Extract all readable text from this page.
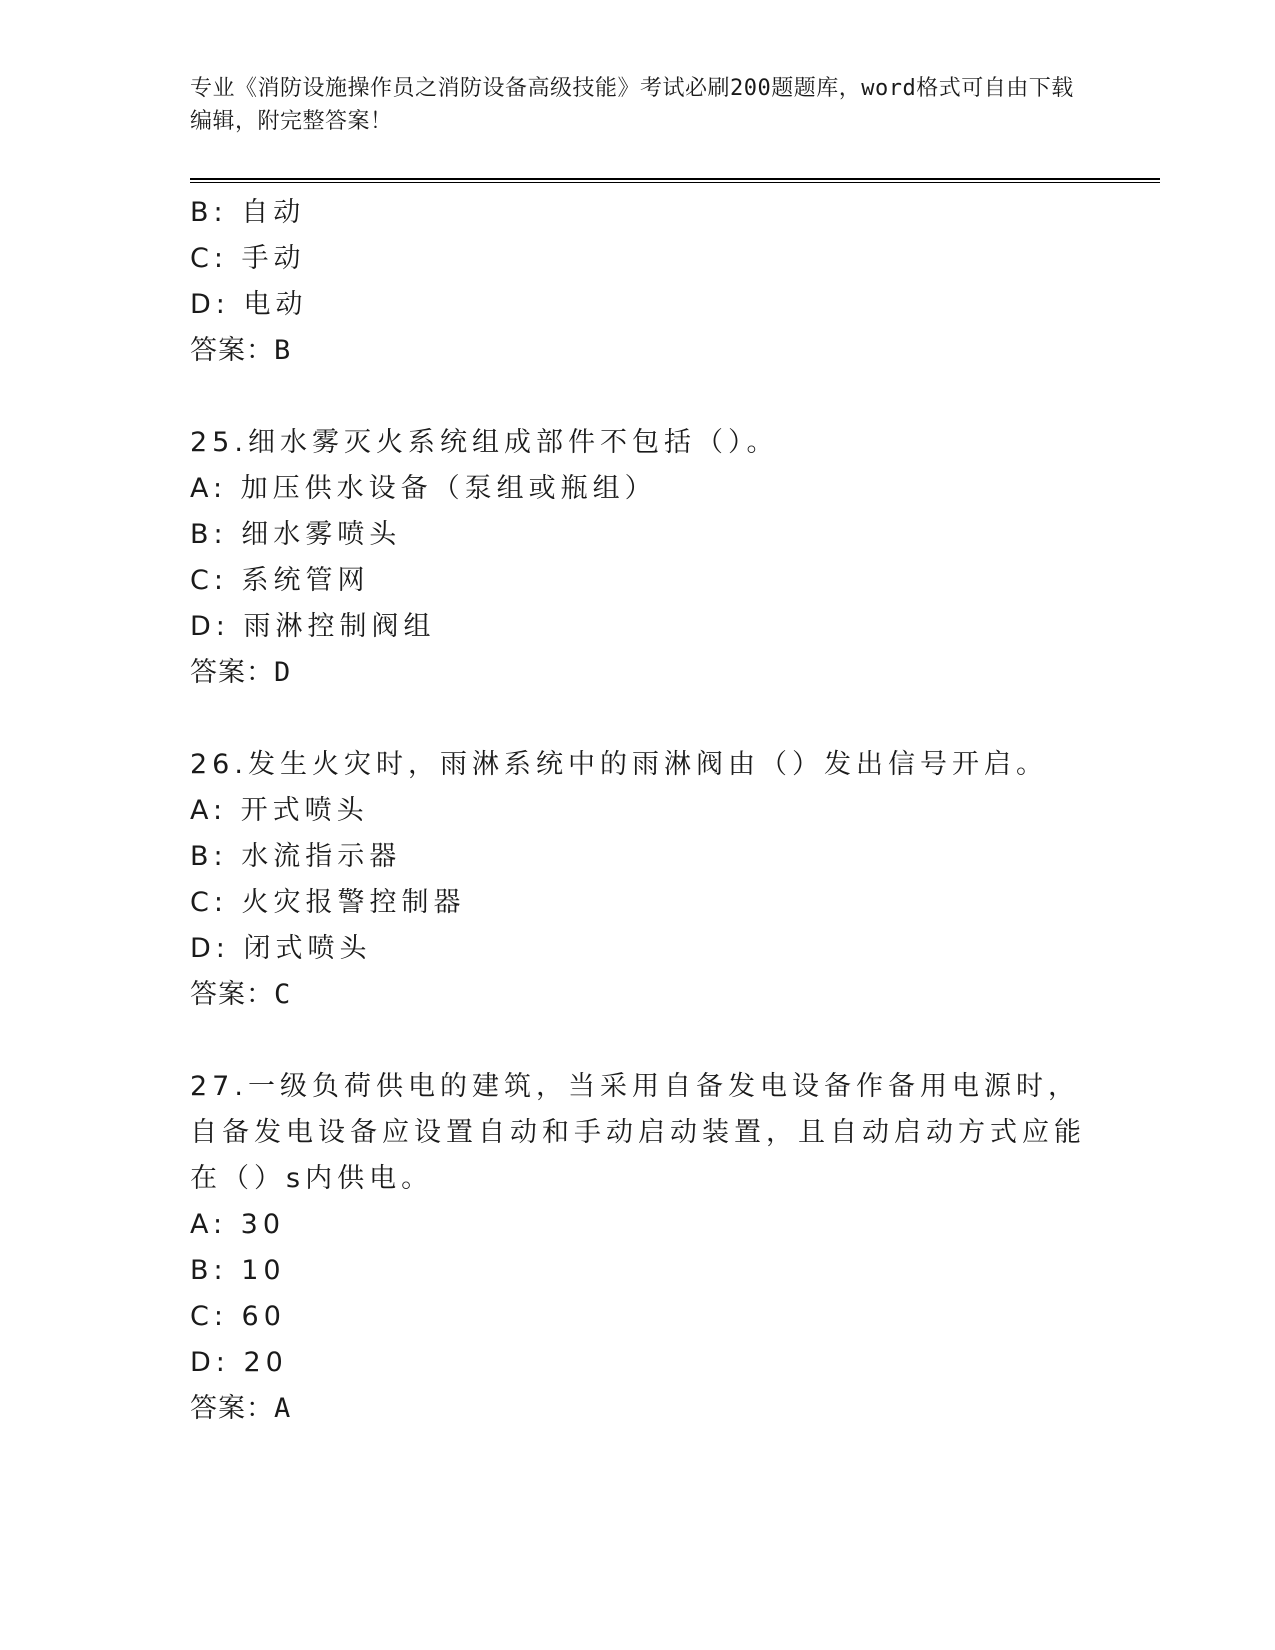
专业《消防设施操作员之消防设备高级技能》考试必刷200题题库，word格式可自由下载编辑，附完整答案！
B: 自动
C: 手动
D: 电动
答案：B
25.细水雾灭火系统组成部件不包括（）。
A: 加压供水设备（泵组或瓶组）
B: 细水雾喷头
C: 系统管网
D: 雨淋控制阀组
答案：D
26.发生火灾时，雨淋系统中的雨淋阀由（）发出信号开启。
A: 开式喷头
B: 水流指示器
C: 火灾报警控制器
D: 闭式喷头
答案：C
27.一级负荷供电的建筑，当采用自备发电设备作备用电源时，自备发电设备应设置自动和手动启动装置，且自动启动方式应能在（）s内供电。
A: 30
B: 10
C: 60
D: 20
答案：A
